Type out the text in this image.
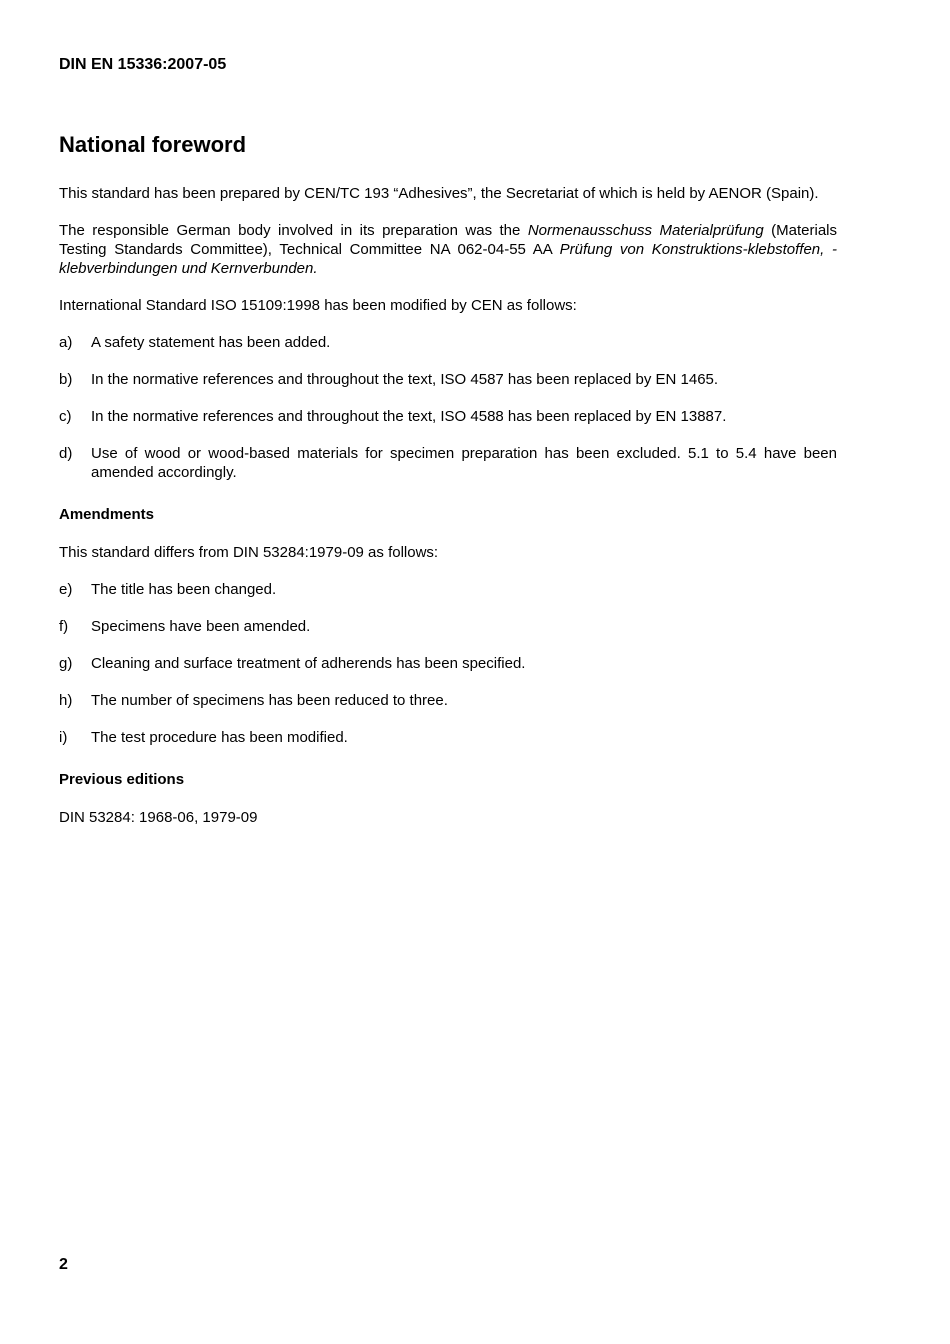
DIN EN 15336:2007-05

National foreword

This standard has been prepared by CEN/TC 193 “Adhesives”, the Secretariat of which is held by AENOR (Spain).

The responsible German body involved in its preparation was the Normenausschuss Materialprüfung (Materials Testing Standards Committee), Technical Committee NA 062-04-55 AA Prüfung von Konstruktions-klebstoffen, -klebverbindungen und Kernverbunden.

International Standard ISO 15109:1998 has been modified by CEN as follows:

a)	A safety statement has been added.
b)	In the normative references and throughout the text, ISO 4587 has been replaced by EN 1465.
c)	In the normative references and throughout the text, ISO 4588 has been replaced by EN 13887.
d)	Use of wood or wood-based materials for specimen preparation has been excluded. 5.1 to 5.4 have been amended accordingly.
Amendments

This standard differs from DIN 53284:1979-09 as follows:

e)	The title has been changed.
f)	Specimens have been amended.
g)	Cleaning and surface treatment of adherends has been specified.
h)	The number of specimens has been reduced to three.
i)	The test procedure has been modified.
Previous editions

DIN 53284: 1968-06, 1979-09

2
